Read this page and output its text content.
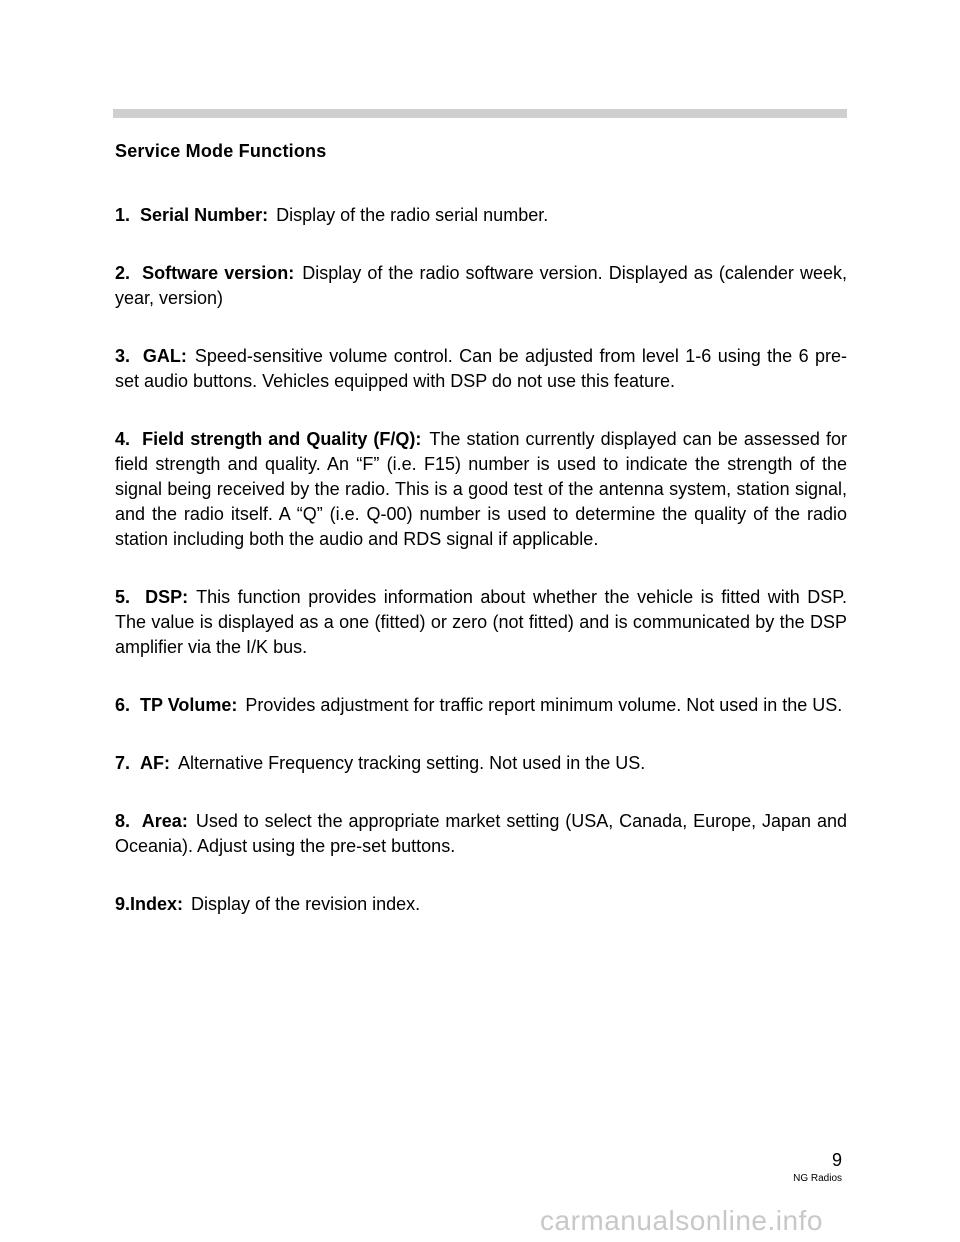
Service Mode Functions

1. Serial Number: Display of the radio serial number.

2. Software version: Display of the radio software version. Displayed as (calender week, year, version)

3. GAL: Speed-sensitive volume control. Can be adjusted from level 1-6 using the 6 pre-set audio buttons. Vehicles equipped with DSP do not use this feature.

4. Field strength and Quality (F/Q): The station currently displayed can be assessed for field strength and quality. An “F” (i.e. F15) number is used to indicate the strength of the signal being received by the radio. This is a good test of the antenna system, station signal, and the radio itself. A “Q” (i.e. Q-00) number is used to determine the quality of the radio station including both the audio and RDS signal if applicable.

5. DSP: This function provides information about whether the vehicle is fitted with DSP. The value is displayed as a one (fitted) or zero (not fitted) and is communicated by the DSP amplifier via the I/K bus.

6. TP Volume: Provides adjustment for traffic report minimum volume. Not used in the US.

7. AF: Alternative Frequency tracking setting. Not used in the US.

8. Area: Used to select the appropriate market setting (USA, Canada, Europe, Japan and Oceania). Adjust using the pre-set buttons.

9.Index: Display of the revision index.

9
NG Radios
carmanualsonline.info
